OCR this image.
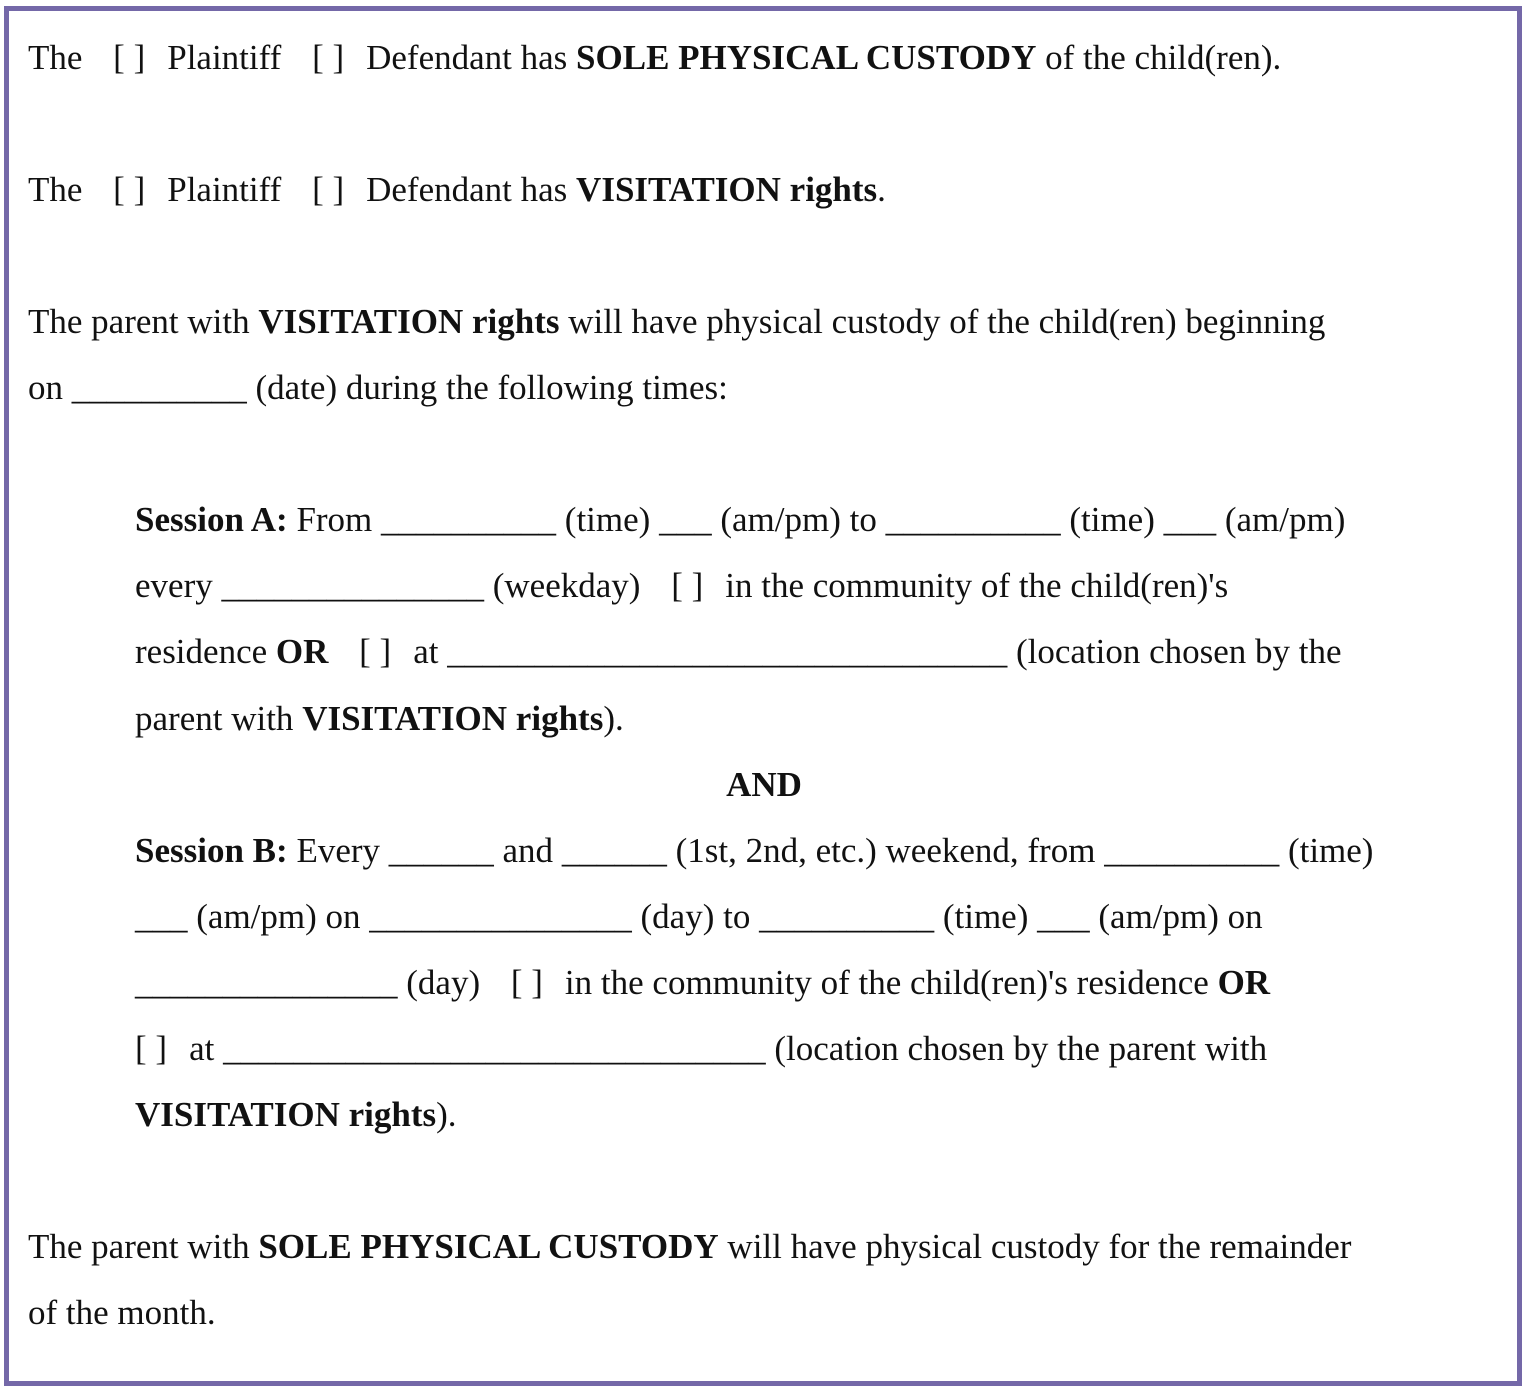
The [ ] Plaintiff [ ] Defendant has SOLE PHYSICAL CUSTODY of the child(ren).
The [ ] Plaintiff [ ] Defendant has VISITATION rights.
The parent with VISITATION rights will have physical custody of the child(ren) beginning
on __________ (date) during the following times:
Session A: From __________ (time) ___ (am/pm) to __________ (time) ___ (am/pm)
every _______________ (weekday) [ ] in the community of the child(ren)'s
residence OR [ ] at ________________________________ (location chosen by the
parent with VISITATION rights).
AND
Session B: Every ______ and ______ (1st, 2nd, etc.) weekend, from __________ (time)
___ (am/pm) on _______________ (day) to __________ (time) ___ (am/pm) on
_______________ (day) [ ] in the community of the child(ren)'s residence OR
[ ] at _______________________________ (location chosen by the parent with
VISITATION rights).
The parent with SOLE PHYSICAL CUSTODY will have physical custody for the remainder
of the month.
